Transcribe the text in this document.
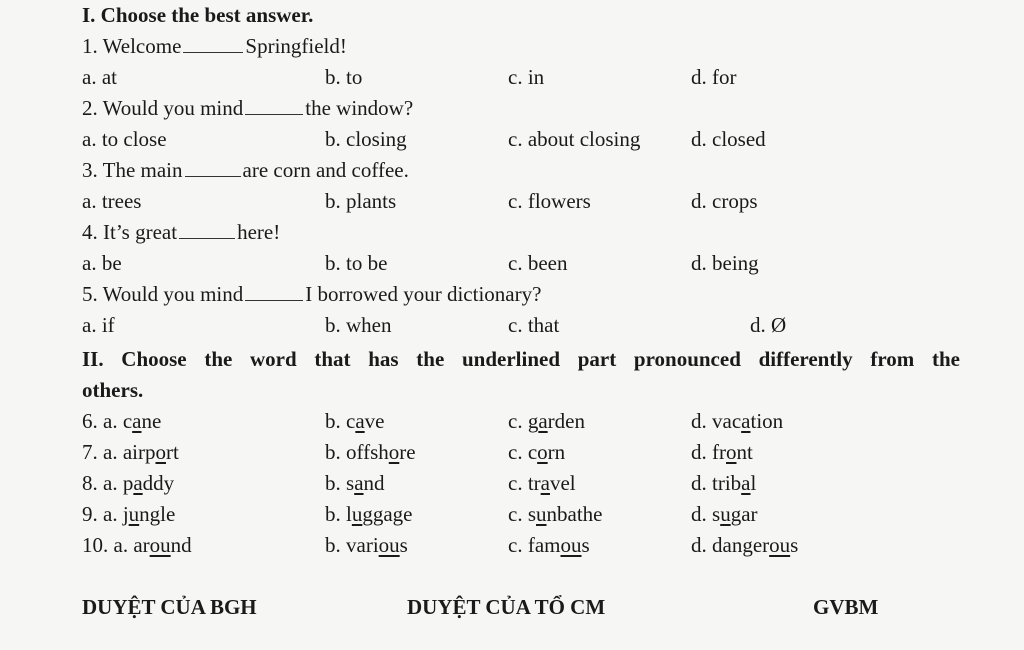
I. Choose the best answer.
1. Welcome	Springfield!
a. at	b. to	c. in	d. for
2. Would you mind	the window?
a. to close	b. closing	c. about closing d. closed
3. The main	are corn and coffee.
a. trees	b. plants	c. flowers	d. crops
4. It’s great	here!
a. be	b. to be	c. been	d. being
5. Would you mind	I borrowed your dictionary?
a. if	b. when	c. that	d. Ø
II. Choose the word that has the underlined part pronounced differently from the
others.
6. a. cane	b. cave	c. garden	d. vacation
7. a. airport	b. offshore	c. corn	d. front
8. a. paddy	b. sand	c. travel	d. tribal
9. a. jungle	b. luggage	c. sunbathe	d. sugar
10. a. around	b. various	c. famous	d. dangerous
DUYỆT CỦA BGH	DUYỆT CỦA TỔ CM	GVBM
